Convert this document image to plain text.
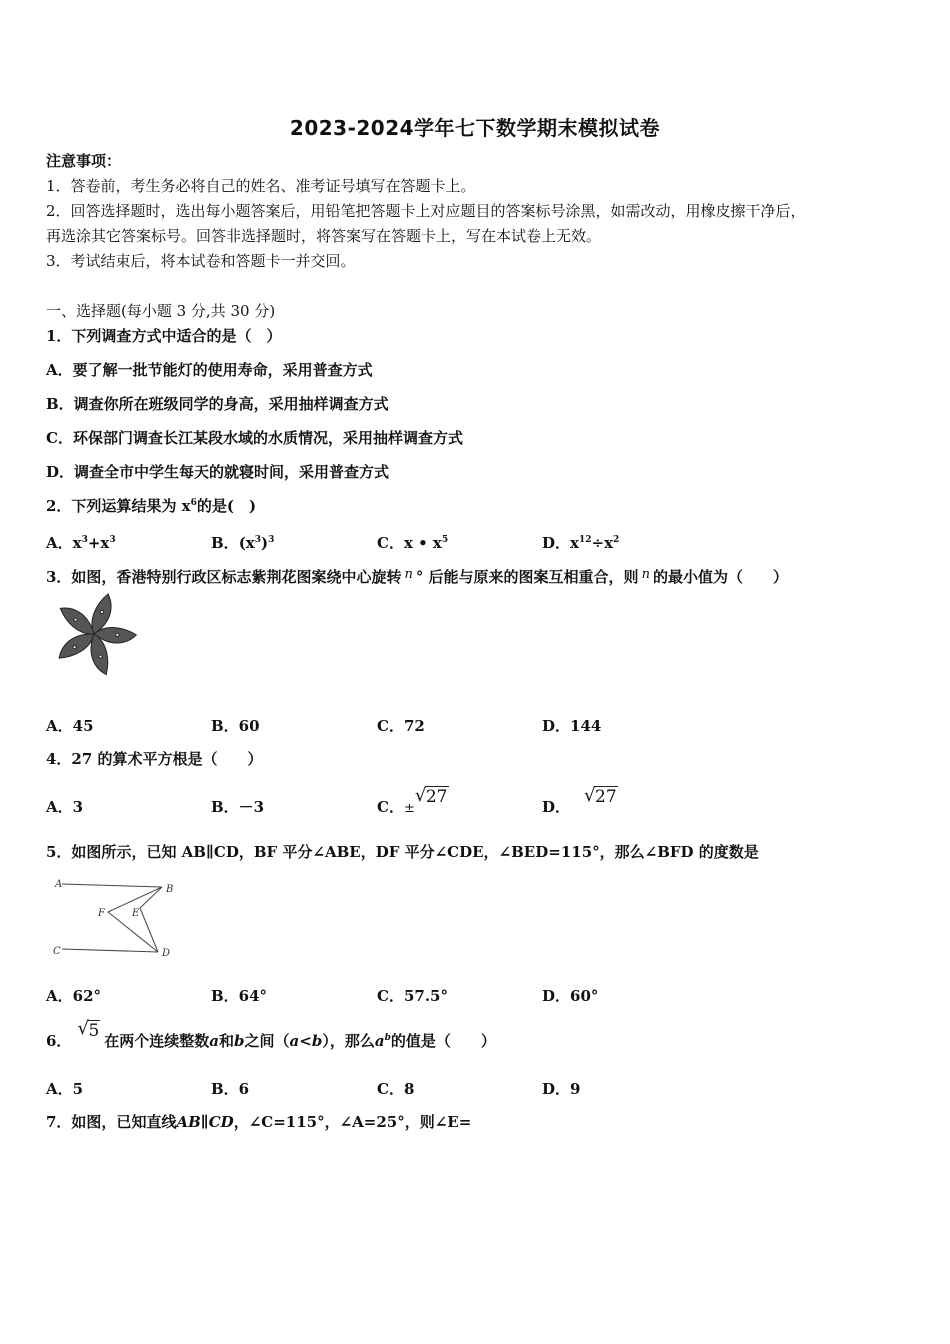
2023-2024学年七下数学期末模拟试卷
注意事项：
1．答卷前，考生务必将自己的姓名、准考证号填写在答题卡上。
2．回答选择题时，选出每小题答案后，用铅笔把答题卡上对应题目的答案标号涂黑，如需改动，用橡皮擦干净后，
再选涂其它答案标号。回答非选择题时，将答案写在答题卡上，写在本试卷上无效。
3．考试结束后，将本试卷和答题卡一并交回。
一、选择题(每小题 3 分,共 30 分)
1．下列调查方式中适合的是（　）
A．要了解一批节能灯的使用寿命，采用普查方式
B．调查你所在班级同学的身高，采用抽样调查方式
C．环保部门调查长江某段水域的水质情况，采用抽样调查方式
D．调查全市中学生每天的就寝时间，采用普查方式
2．下列运算结果为 $x^6$的是(　)
A．$x^3+x^3$	B．$(x^3)^3$	C．x • $x^5$	D．$x^{12}\div x^2$
3．如图，香港特别行政区标志紫荆花图案绕中心旋转 n ° 后能与原来的图案互相重合，则 n 的最小值为（　　）
A．45	B．60	C．72	D．144
4．27 的算术平方根是（　　）
A．3	B．－3	C．±
√ 27	D．
√ 27
5．如图所示，已知 AB∥CD，BF 平分∠ABE，DF 平分∠CDE，∠BED=115°，那么∠BFD 的度数是
A	B
C	D
E
F
A．62°	B．64°	C．57.5°	D．60°
6．
√ 5 在两个连续整数a和b之间（a<b），那么$a^b$的值是（　　）
A．5	B．6	C．8	D．9
7．如图，已知直线AB∥CD，∠C=115°，∠A=25°，则∠E=
